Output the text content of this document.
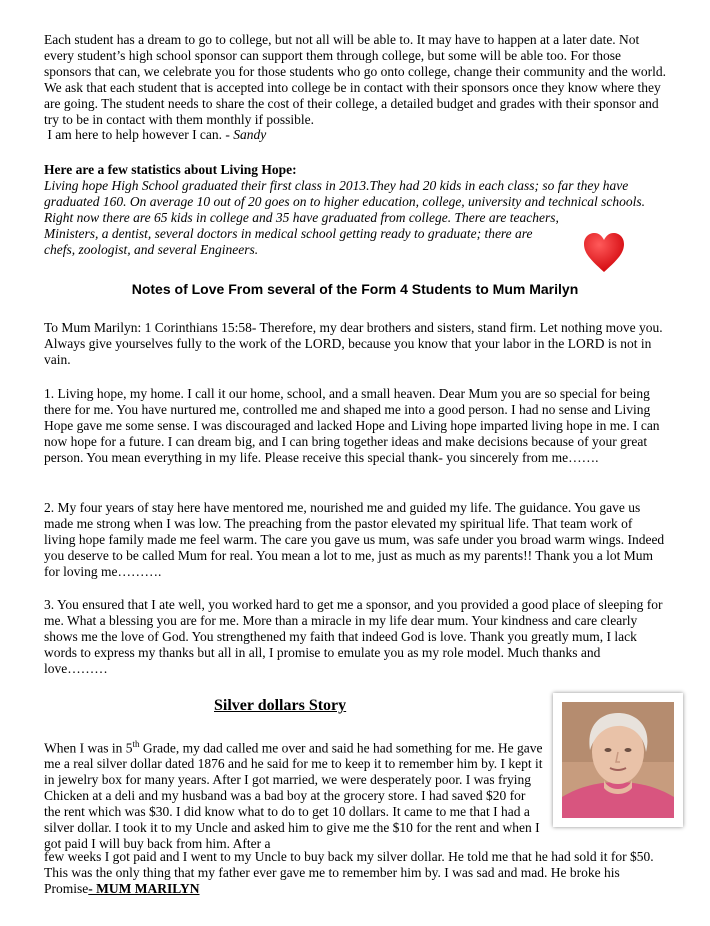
Each student has a dream to go to college, but not all will be able to. It may have to happen at a later date. Not every student’s high school sponsor can support them through college, but some will be able too. For those sponsors that can, we celebrate you for those students who go onto college, change their community and the world. We ask that each student that is accepted into college be in contact with their sponsors once they know where they are going. The student needs to share the cost of their college, a detailed budget and grades with their sponsor and try to be in contact with them monthly if possible.

I am here to help however I can. - Sandy

Here are a few statistics about Living Hope:

Living hope High School graduated their first class in 2013.They had 20 kids in each class; so far they have graduated 160. On average 10 out of 20 goes on to higher education, college, university and technical schools. Right now there are 65 kids in college and 35 have graduated from college. There are teachers,

Ministers, a dentist, several doctors in medical school getting ready to graduate; there are

chefs, zoologist, and several Engineers.

Notes of Love From several of the Form 4 Students to Mum Marilyn
To Mum Marilyn: 1 Corinthians 15:58- Therefore, my dear brothers and sisters, stand firm. Let nothing move you. Always give yourselves fully to the work of the LORD, because you know that your labor in the LORD is not in vain.
1. Living hope, my home. I call it our home, school, and a small heaven. Dear Mum you are so special for being there for me. You have nurtured me, controlled me and shaped me into a good person. I had no sense and Living Hope gave me some sense. I was discouraged and lacked Hope and Living hope imparted living hope in me. I can now hope for a future. I can dream big, and I can bring together ideas and make decisions because of your great person. You mean everything in my life. Please receive this special thank- you sincerely from me…….
2. My four years of stay here have mentored me, nourished me and guided my life. The guidance. You gave us made me strong when I was low. The preaching from the pastor elevated my spiritual life. That team work of living hope family made me feel warm. The care you gave us mum, was safe under you broad warm wings. Indeed you deserve to be called Mum for real. You mean a lot to me, just as much as my parents!! Thank you a lot Mum for loving me……….
3. You ensured that I ate well, you worked hard to get me a sponsor, and you provided a good place of sleeping for me. What a blessing you are for me. More than a miracle in my life dear mum. Your kindness and care clearly shows me the love of God. You strengthened my faith that indeed God is love. Thank you greatly mum, I lack words to express my thanks but all in all, I promise to emulate you as my role model. Much thanks and love………
Silver dollars Story

When I was in 5th Grade, my dad called me over and said he had something for me. He gave me a real silver dollar dated 1876 and he said for me to keep it to remember him by. I kept it in jewelry box for many years. After I got married, we were desperately poor. I was frying Chicken at a deli and my husband was a bad boy at the grocery store. I had saved $20 for the rent which was $30. I did know what to do to get 10 dollars. It came to me that I had a silver dollar. I took it to my Uncle and asked him to give me the $10 for the rent and when I got paid I will buy back from him. After a

few weeks I got paid and I went to my Uncle to buy back my silver dollar. He told me that he had sold it for $50. This was the only thing that my father ever gave me to remember him by. I was sad and mad. He broke his Promise- MUM MARILYN
